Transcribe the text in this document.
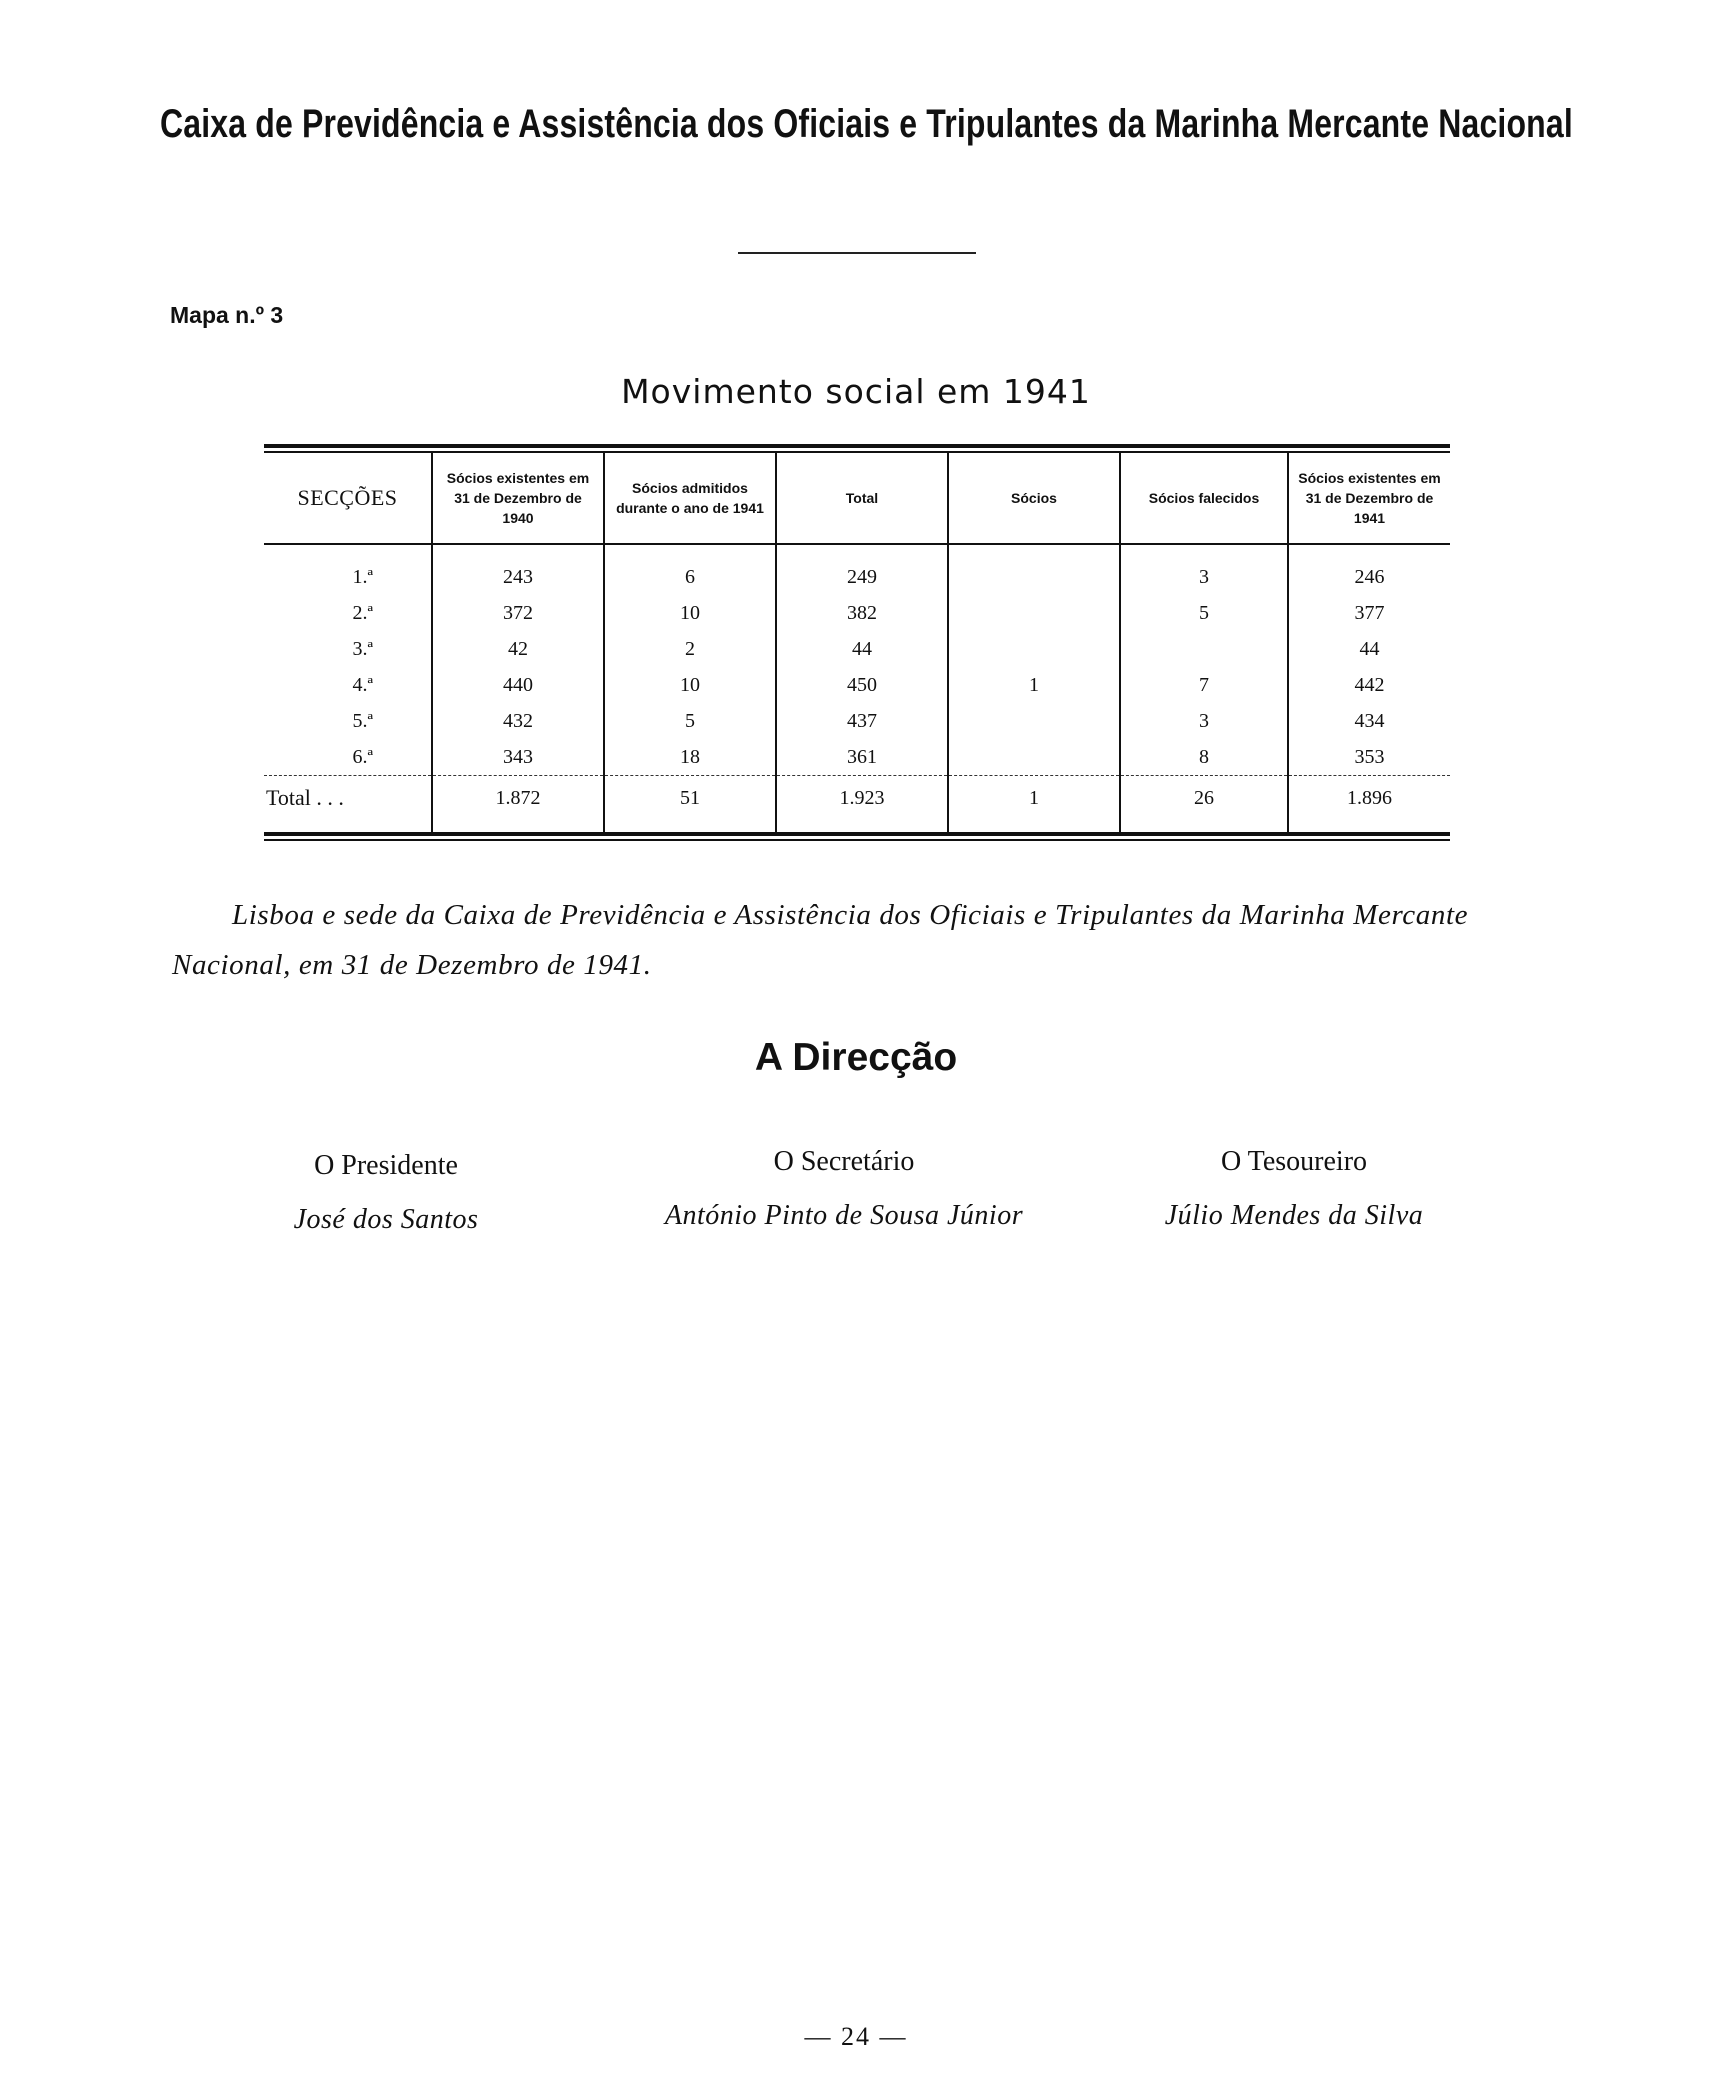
Caixa de Previdência e Assistência dos Oficiais e Tripulantes da Marinha Mercante Nacional
Mapa n.º 3
Movimento social em 1941
SECÇÕES	Sócios existentes em 31 de Dezembro de 1940	Sócios admitidos durante o ano de 1941	Total	Sócios	Sócios falecidos	Sócios existentes em 31 de Dezembro de 1941

1.ª	243	6	249		3	246
2.ª	372	10	382		5	377
3.ª	42	2	44			44
4.ª	440	10	450	1	7	442
5.ª	432	5	437		3	434
6.ª	343	18	361		8	353
Total . . .	1.872	51	1.923	1	26	1.896

Lisboa e sede da Caixa de Previdência e Assistência dos Oficiais e Tripulantes da Marinha Mercante Nacional, em 31 de Dezembro de 1941.
A Direcção
O Presidente
José dos Santos
O Secretário
António Pinto de Sousa Júnior
O Tesoureiro
Júlio Mendes da Silva
— 24 —
